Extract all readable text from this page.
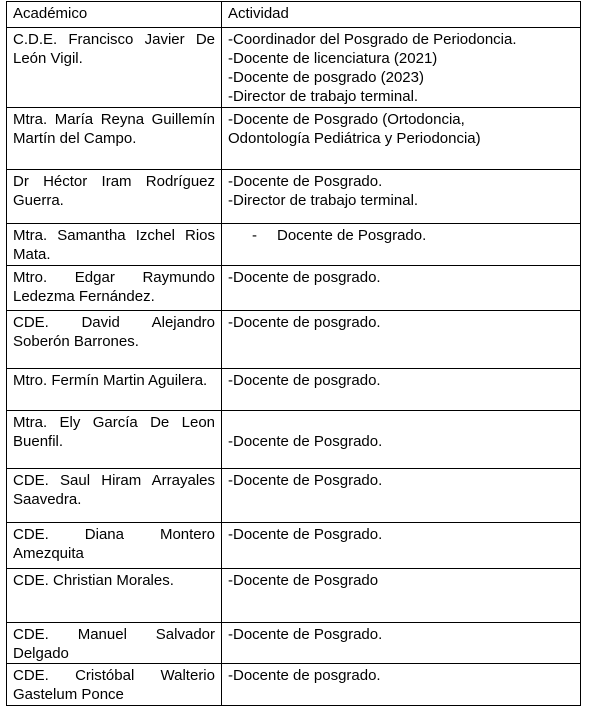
Académico	Actividad
C.D.E. Francisco Javier De León Vigil.	-Coordinador del Posgrado de Periodoncia.
-Docente de licenciatura (2021)
-Docente de posgrado (2023)
-Director de trabajo terminal.

Mtra. María Reyna Guillemín Martín del Campo.	-Docente de Posgrado (Ortodoncia,
Odontología Pediátrica y Periodoncia)

Dr Héctor Iram Rodríguez Guerra.	-Docente de Posgrado.
-Director de trabajo terminal.

Mtra. Samantha Izchel Rios Mata.	- Docente de Posgrado.

Mtro. Edgar Raymundo Ledezma Fernández.	-Docente de posgrado.

CDE. David Alejandro Soberón Barrones.	-Docente de posgrado.

Mtro. Fermín Martin Aguilera.	-Docente de posgrado.

Mtra. Ely García De Leon Buenfil.	-Docente de Posgrado.

CDE. Saul Hiram Arrayales Saavedra.	-Docente de Posgrado.

CDE. Diana Montero Amezquita	-Docente de Posgrado.

CDE. Christian Morales.	-Docente de Posgrado

CDE. Manuel Salvador Delgado	-Docente de Posgrado.

CDE. Cristóbal Walterio Gastelum Ponce	-Docente de posgrado.
